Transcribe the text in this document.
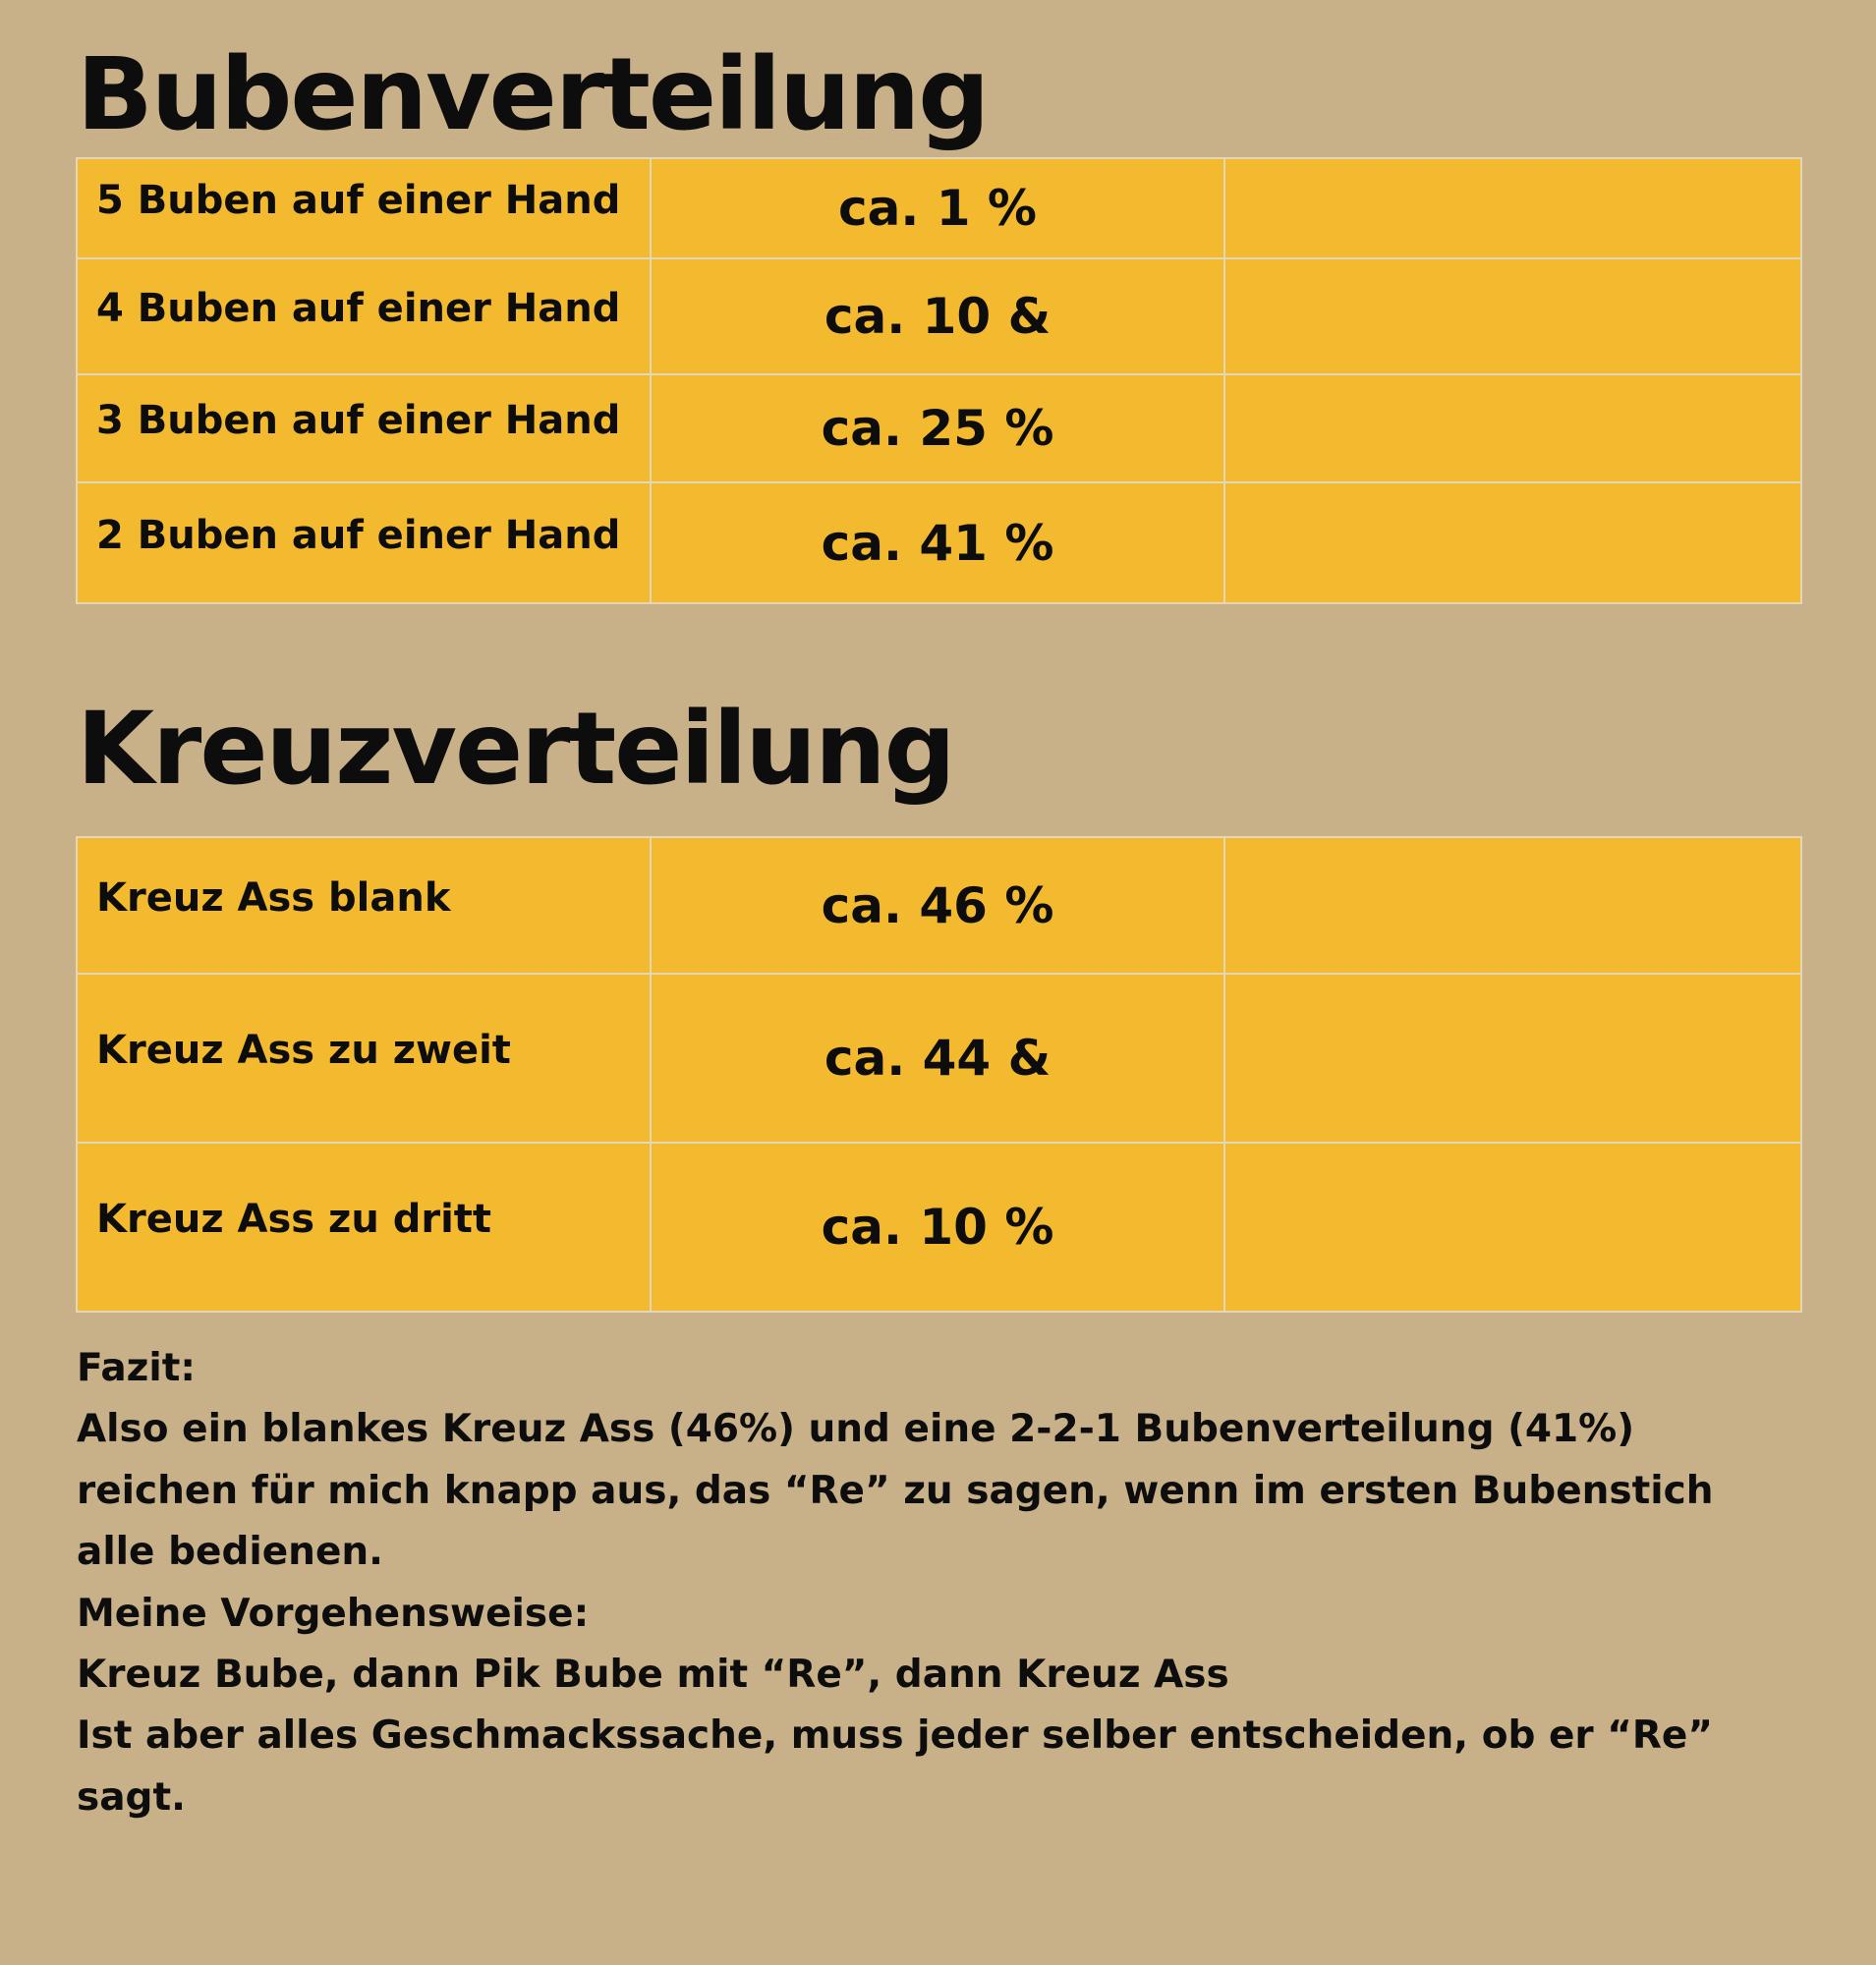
Bubenverteilung
5 Buben auf einer Hand	ca. 1 %	
4 Buben auf einer Hand	ca. 10 &	
3 Buben auf einer Hand	ca. 25 %	
2 Buben auf einer Hand	ca. 41 %	
Kreuzverteilung
Kreuz Ass blank	ca. 46 %	
Kreuz Ass zu zweit	ca. 44 &	
Kreuz Ass zu dritt	ca. 10 %	
Fazit:
Also ein blankes Kreuz Ass (46%) und eine 2-2-1 Bubenverteilung (41%)
reichen für mich knapp aus, das “Re” zu sagen, wenn im ersten Bubenstich
alle bedienen.
Meine Vorgehensweise:
Kreuz Bube, dann Pik Bube mit “Re”, dann Kreuz Ass
Ist aber alles Geschmackssache, muss jeder selber entscheiden, ob er “Re”
sagt.
